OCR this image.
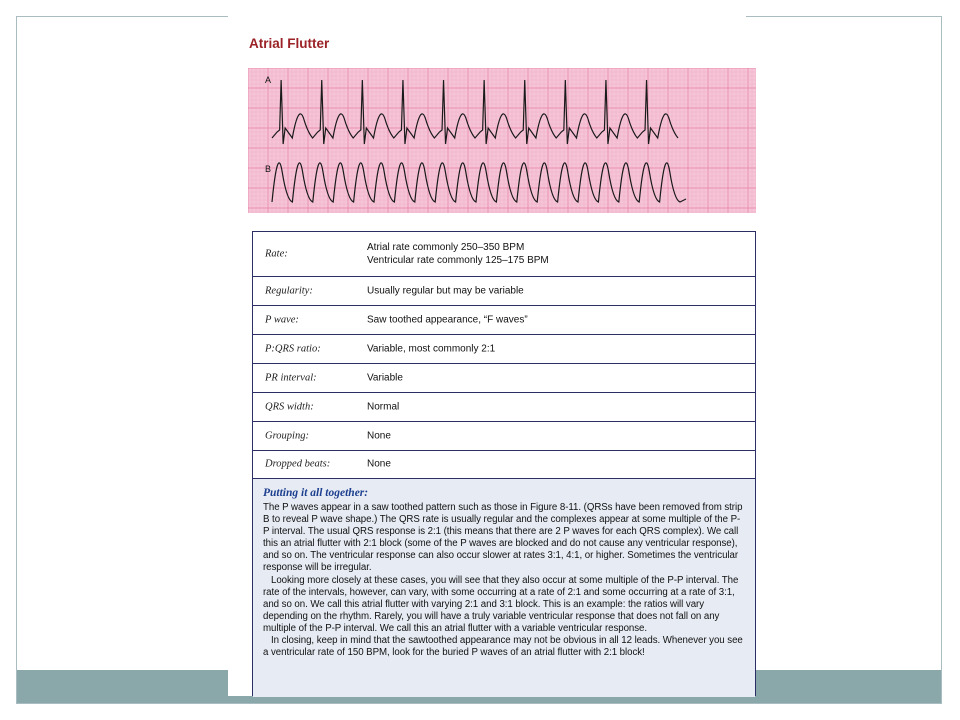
Atrial Flutter
A
B
Rate:
Atrial rate commonly 250–350 BPM
Ventricular rate commonly 125–175 BPM
Regularity:	Usually regular but may be variable
P wave:	Saw toothed appearance, “F waves”
P:QRS ratio:	Variable, most commonly 2:1
PR interval:	Variable
QRS width:	Normal
Grouping:	None
Dropped beats:	None
Putting it all together:

The P waves appear in a saw toothed pattern such as those in Figure 8-11. (QRSs have been removed from strip B to reveal P wave shape.) The QRS rate is usually regular and the complexes appear at some multiple of the P-P interval. The usual QRS response is 2:1 (this means that there are 2 P waves for each QRS complex). We call this an atrial flutter with 2:1 block (some of the P waves are blocked and do not cause any ventricular response), and so on. The ventricular response can also occur slower at rates 3:1, 4:1, or higher. Sometimes the ventricular response will be irregular.

Looking more closely at these cases, you will see that they also occur at some multiple of the P-P interval. The rate of the intervals, however, can vary, with some occurring at a rate of 2:1 and some occurring at a rate of 3:1, and so on. We call this atrial flutter with varying 2:1 and 3:1 block. This is an example: the ratios will vary depending on the rhythm. Rarely, you will have a truly variable ventricular response that does not fall on any multiple of the P-P interval. We call this an atrial flutter with a variable ventricular response.

In closing, keep in mind that the sawtoothed appearance may not be obvious in all 12 leads. Whenever you see a ventricular rate of 150 BPM, look for the buried P waves of an atrial flutter with 2:1 block!
